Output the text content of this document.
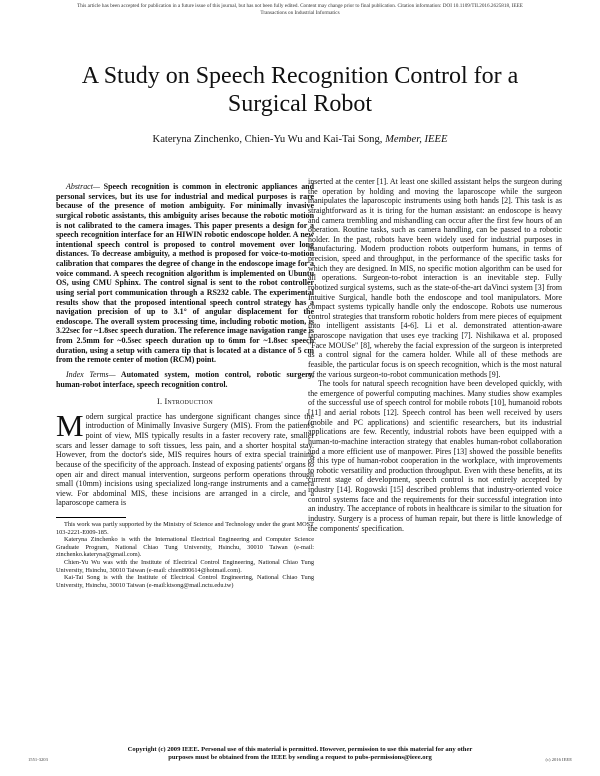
This article has been accepted for publication in a future issue of this journal, but has not been fully edited. Content may change prior to final publication. Citation information: DOI 10.1109/TII.2016.2625818, IEEE
Transactions on Industrial Informatics
A Study on Speech Recognition Control for a Surgical Robot
Kateryna Zinchenko, Chien-Yu Wu and Kai-Tai Song, Member, IEEE

Abstract— Speech recognition is common in electronic appliances and personal services, but its use for industrial and medical purposes is rare because of the presence of motion ambiguity. For minimally invasive surgical robotic assistants, this ambiguity arises because the robotic motion is not calibrated to the camera images. This paper presents a design for a speech recognition interface for an HIWIN robotic endoscope holder. A new intentional speech control is proposed to control movement over long distances. To decrease ambiguity, a method is proposed for voice-to-motion calibration that compares the degree of change in the endoscope image for a voice command. A speech recognition algorithm is implemented on Ubuntu OS, using CMU Sphinx. The control signal is sent to the robot controller using serial port communication through a RS232 cable. The experimental results show that the proposed intentional speech control strategy has a navigation precision of up to 3.1° of angular displacement for the endoscope. The overall system processing time, including robotic motion, is 3.22sec for ~1.8sec speech duration. The reference image navigation range is from 2.5mm for ~0.5sec speech duration up to 6mm for ~1.8sec speech duration, using a setup with camera tip that is located at a distance of 5 cm from the remote center of motion (RCM) point.

Index Terms— Automated system, motion control, robotic surgery, human-robot interface, speech recognition control.

I. Introduction

Modern surgical practice has undergone significant changes since the introduction of Minimally Invasive Surgery (MIS). From the patient's point of view, MIS typically results in a faster recovery rate, smaller scars and lesser damage to soft tissues, less pain, and a shorter hospital stay. However, from the doctor's side, MIS requires hours of extra special training because of the specificity of the approach. Instead of exposing patients' organs to open air and direct manual intervention, surgeons perform operations through small (10mm) incisions using specialized long-range instruments and a camera view. For abdominal MIS, these incisions are arranged in a circle, and a laparoscope camera is

This work was partly supported by the Ministry of Science and Technology under the grant MOST 103-2221-E009-185.

Kateryna Zinchenko is with the International Electrical Engineering and Computer Science Graduate Program, National Chiao Tung University, Hsinchu, 30010 Taiwan (e-mail: zinchenko.kateryna@gmail.com).

Chien-Yu Wu was with the Institute of Electrical Control Engineering, National Chiao Tung University, Hsinchu, 30010 Taiwan (e-mail: chien800614@hotmail.com).

Kai-Tai Song is with the Institute of Electrical Control Engineering, National Chiao Tung University, Hsinchu, 30010 Taiwan (e-mail:ktsong@mail.nctu.edu.tw)

inserted at the center [1]. At least one skilled assistant helps the surgeon during the operation by holding and moving the laparoscope while the surgeon manipulates the laparoscopic instruments using both hands [2]. This task is as straightforward as it is tiring for the human assistant: an endoscope is heavy and camera trembling and mishandling can occur after the first few hours of an operation. Routine tasks, such as camera handling, can be passed to a robotic holder. In the past, robots have been widely used for industrial purposes in manufacturing. Modern production robots outperform humans, in terms of precision, speed and throughput, in the performance of the specific tasks for which they are designed. In MIS, no specific motion algorithm can be used for all operations. Surgeon-to-robot interaction is an inevitable step. Fully robotized surgical systems, such as the state-of-the-art daVinci system [3] from Intuitive Surgical, handle both the endoscope and tool manipulators. More compact systems typically handle only the endoscope. Robots use numerous control strategies that transform robotic holders from mere pieces of equipment into intelligent assistants [4-6]. Li et al. demonstrated attention-aware laparoscope navigation that uses eye tracking [7]. Nishikawa et al. proposed "Face MOUSe" [8], whereby the facial expression of the surgeon is interpreted as a control signal for the camera holder. While all of these methods are feasible, the particular focus is on speech recognition, which is the most natural of the various surgeon-to-robot communication methods [9].

The tools for natural speech recognition have been developed quickly, with the emergence of powerful computing machines. Many studies show examples of the successful use of speech control for mobile robots [10], humanoid robots [11] and aerial robots [12]. Speech control has been well received by users (mobile and PC applications) and scientific researchers, but its industrial applications are few. Recently, industrial robots have been equipped with a human-to-machine interaction strategy that enables human-robot collaboration and a more efficient use of manpower. Pires [13] showed the possible benefits of this type of human-robot cooperation in the workplace, with improvements to robotic versatility and production throughput. Even with these benefits, at its current stage of development, speech control is not entirely accepted by industry [14]. Rogowski [15] described problems that industry-oriented voice control systems face and the requirements for their successful integration into an industry. The acceptance of robots in healthcare is similar to the situation for industry. Surgery is a process of human repair, but there is little knowledge of the components' specification.

Copyright (c) 2009 IEEE. Personal use of this material is permitted. However, permission to use this material for any other
purposes must be obtained from the IEEE by sending a request to pubs-permissions@ieee.org
1551-3203	(c) 2016 IEEE
